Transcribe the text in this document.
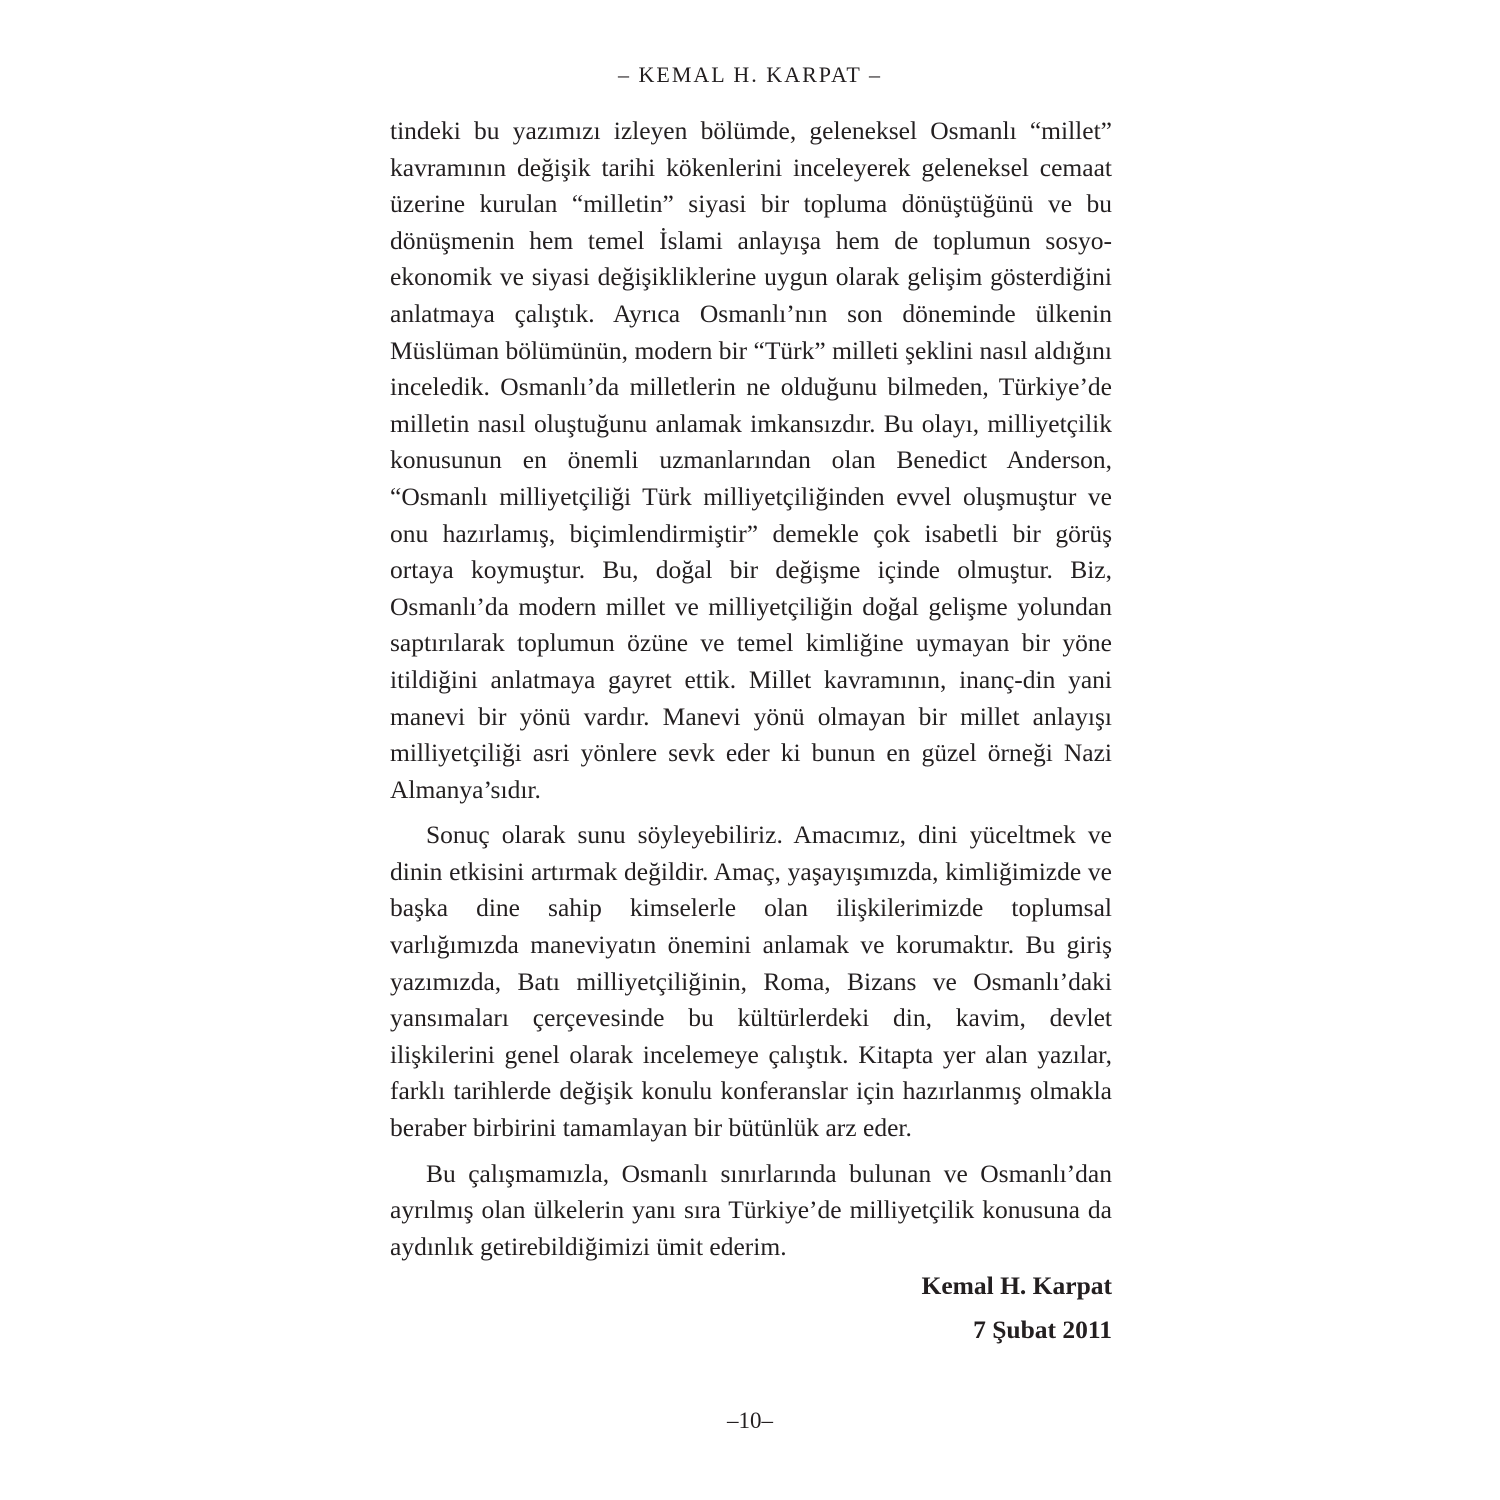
– KEMAL H. KARPAT –

tindeki bu yazımızı izleyen bölümde, geleneksel Osmanlı “millet” kavramının değişik tarihi kökenlerini inceleyerek geleneksel cemaat üzerine kurulan “milletin” siyasi bir topluma dönüştüğünü ve bu dönüşmenin hem temel İslami anlayışa hem de toplumun sosyo-ekonomik ve siyasi değişikliklerine uygun olarak gelişim gösterdiğini anlatmaya çalıştık. Ayrıca Osmanlı’nın son döneminde ülkenin Müslüman bölümünün, modern bir “Türk” milleti şeklini nasıl aldığını inceledik. Osmanlı’da milletlerin ne olduğunu bilmeden, Türkiye’de milletin nasıl oluştuğunu anlamak imkansızdır. Bu olayı, milliyetçilik konusunun en önemli uzmanlarından olan Benedict Anderson, “Osmanlı milliyetçiliği Türk milliyetçiliğinden evvel oluşmuştur ve onu hazırlamış, biçimlendirmiştir” demekle çok isabetli bir görüş ortaya koymuştur. Bu, doğal bir değişme içinde olmuştur. Biz, Osmanlı’da modern millet ve milliyetçiliğin doğal gelişme yolundan saptırılarak toplumun özüne ve temel kimliğine uymayan bir yöne itildiğini anlatmaya gayret ettik. Millet kavramının, inanç-din yani manevi bir yönü vardır. Manevi yönü olmayan bir millet anlayışı milliyetçiliği asri yönlere sevk eder ki bunun en güzel örneği Nazi Almanya’sıdır.

Sonuç olarak sunu söyleyebiliriz. Amacımız, dini yüceltmek ve dinin etkisini artırmak değildir. Amaç, yaşayışımızda, kimliğimizde ve başka dine sahip kimselerle olan ilişkilerimizde toplumsal varlığımızda maneviyatın önemini anlamak ve korumaktır. Bu giriş yazımızda, Batı milliyetçiliğinin, Roma, Bizans ve Osmanlı’daki yansımaları çerçevesinde bu kültürlerdeki din, kavim, devlet ilişkilerini genel olarak incelemeye çalıştık. Kitapta yer alan yazılar, farklı tarihlerde değişik konulu konferanslar için hazırlanmış olmakla beraber birbirini tamamlayan bir bütünlük arz eder.

Bu çalışmamızla, Osmanlı sınırlarında bulunan ve Osmanlı’dan ayrılmış olan ülkelerin yanı sıra Türkiye’de milliyetçilik konusuna da aydınlık getirebildiğimizi ümit ederim.

Kemal H. Karpat
7 Şubat 2011
–10–
